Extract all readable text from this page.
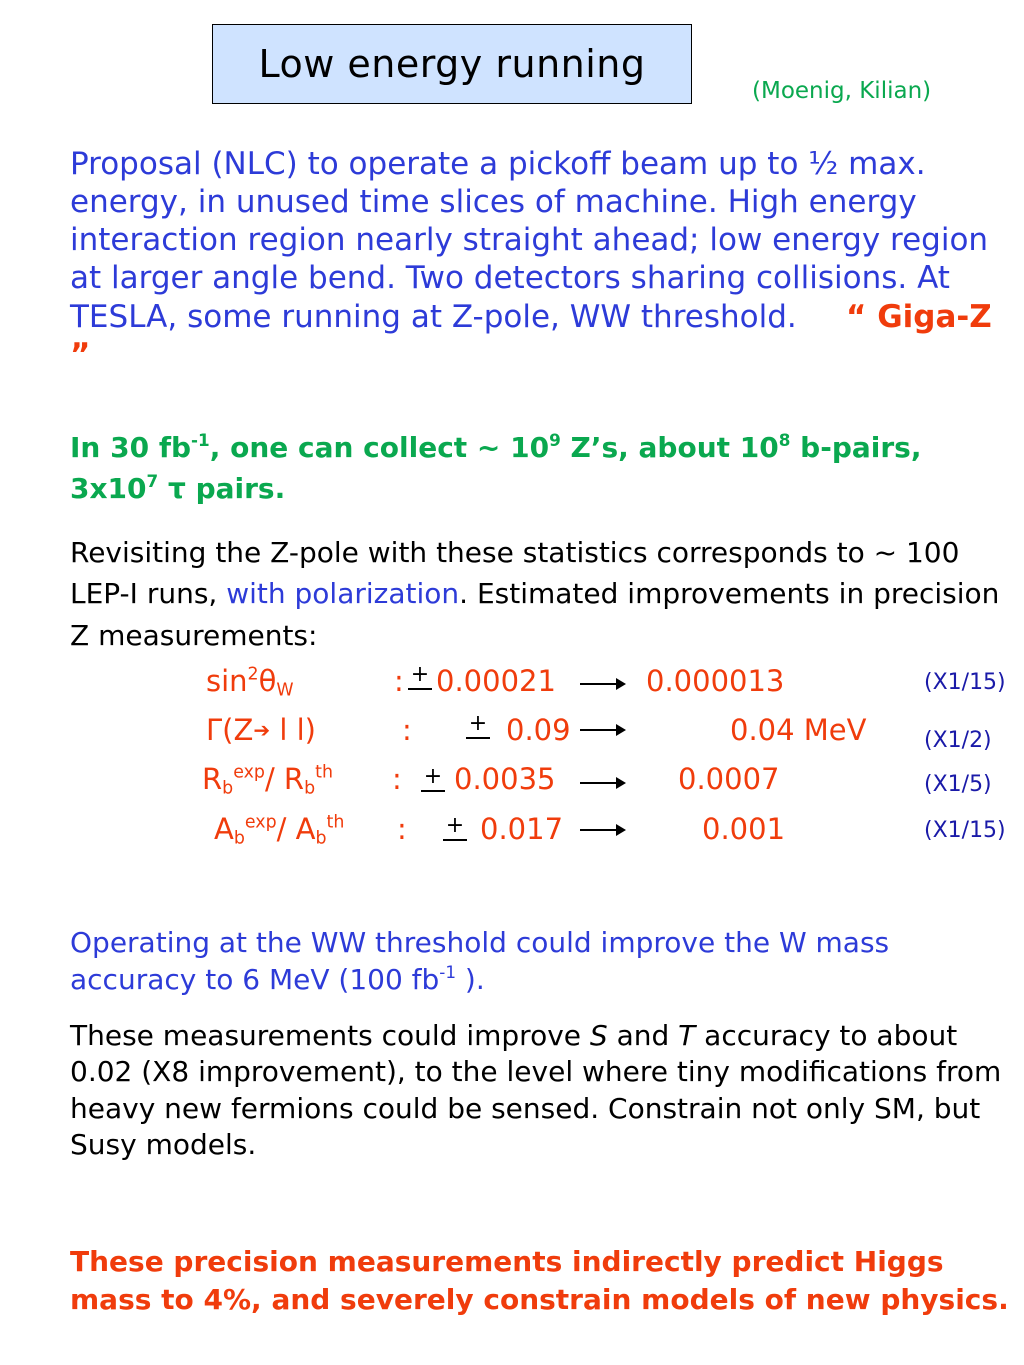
Low energy running
(Moenig, Kilian)
Proposal (NLC) to operate a pickoff beam up to ½ max. energy, in unused time slices of machine. High energy interaction region nearly straight ahead; low energy region at larger angle bend. Two detectors sharing collisions. At TESLA, some running at Z-pole, WW threshold. “ Giga-Z ”
In 30 $fb^{-1}$, one can collect ~ $10^9$ Z’s, about $10^8$ b-pairs, $3x10^7$ τ pairs.
Revisiting the Z-pole with these statistics corresponds to ~ 100 LEP-I runs, with polarization. Estimated improvements in precision Z measurements:
$\sin^2\theta_W$	: + 0.00021	0.000013	(X1/15)
Γ(Z➔ l l)	:	+ 0.09	0.04 MeV	(X1/2)
$R_b^{exp}/$ $R_b^{th}$ : + 0.0035	0.0007	(X1/5)
$A_b^{exp}/$ $A_b^{th}$ : + 0.017	0.001	(X1/15)
Operating at the WW threshold could improve the W mass accuracy to 6 MeV (100 $fb^{-1}$ ).
These measurements could improve S and T accuracy to about 0.02 (X8 improvement), to the level where tiny modifications from heavy new fermions could be sensed. Constrain not only SM, but Susy models.
These precision measurements indirectly predict Higgs mass to 4%, and severely constrain models of new physics.
